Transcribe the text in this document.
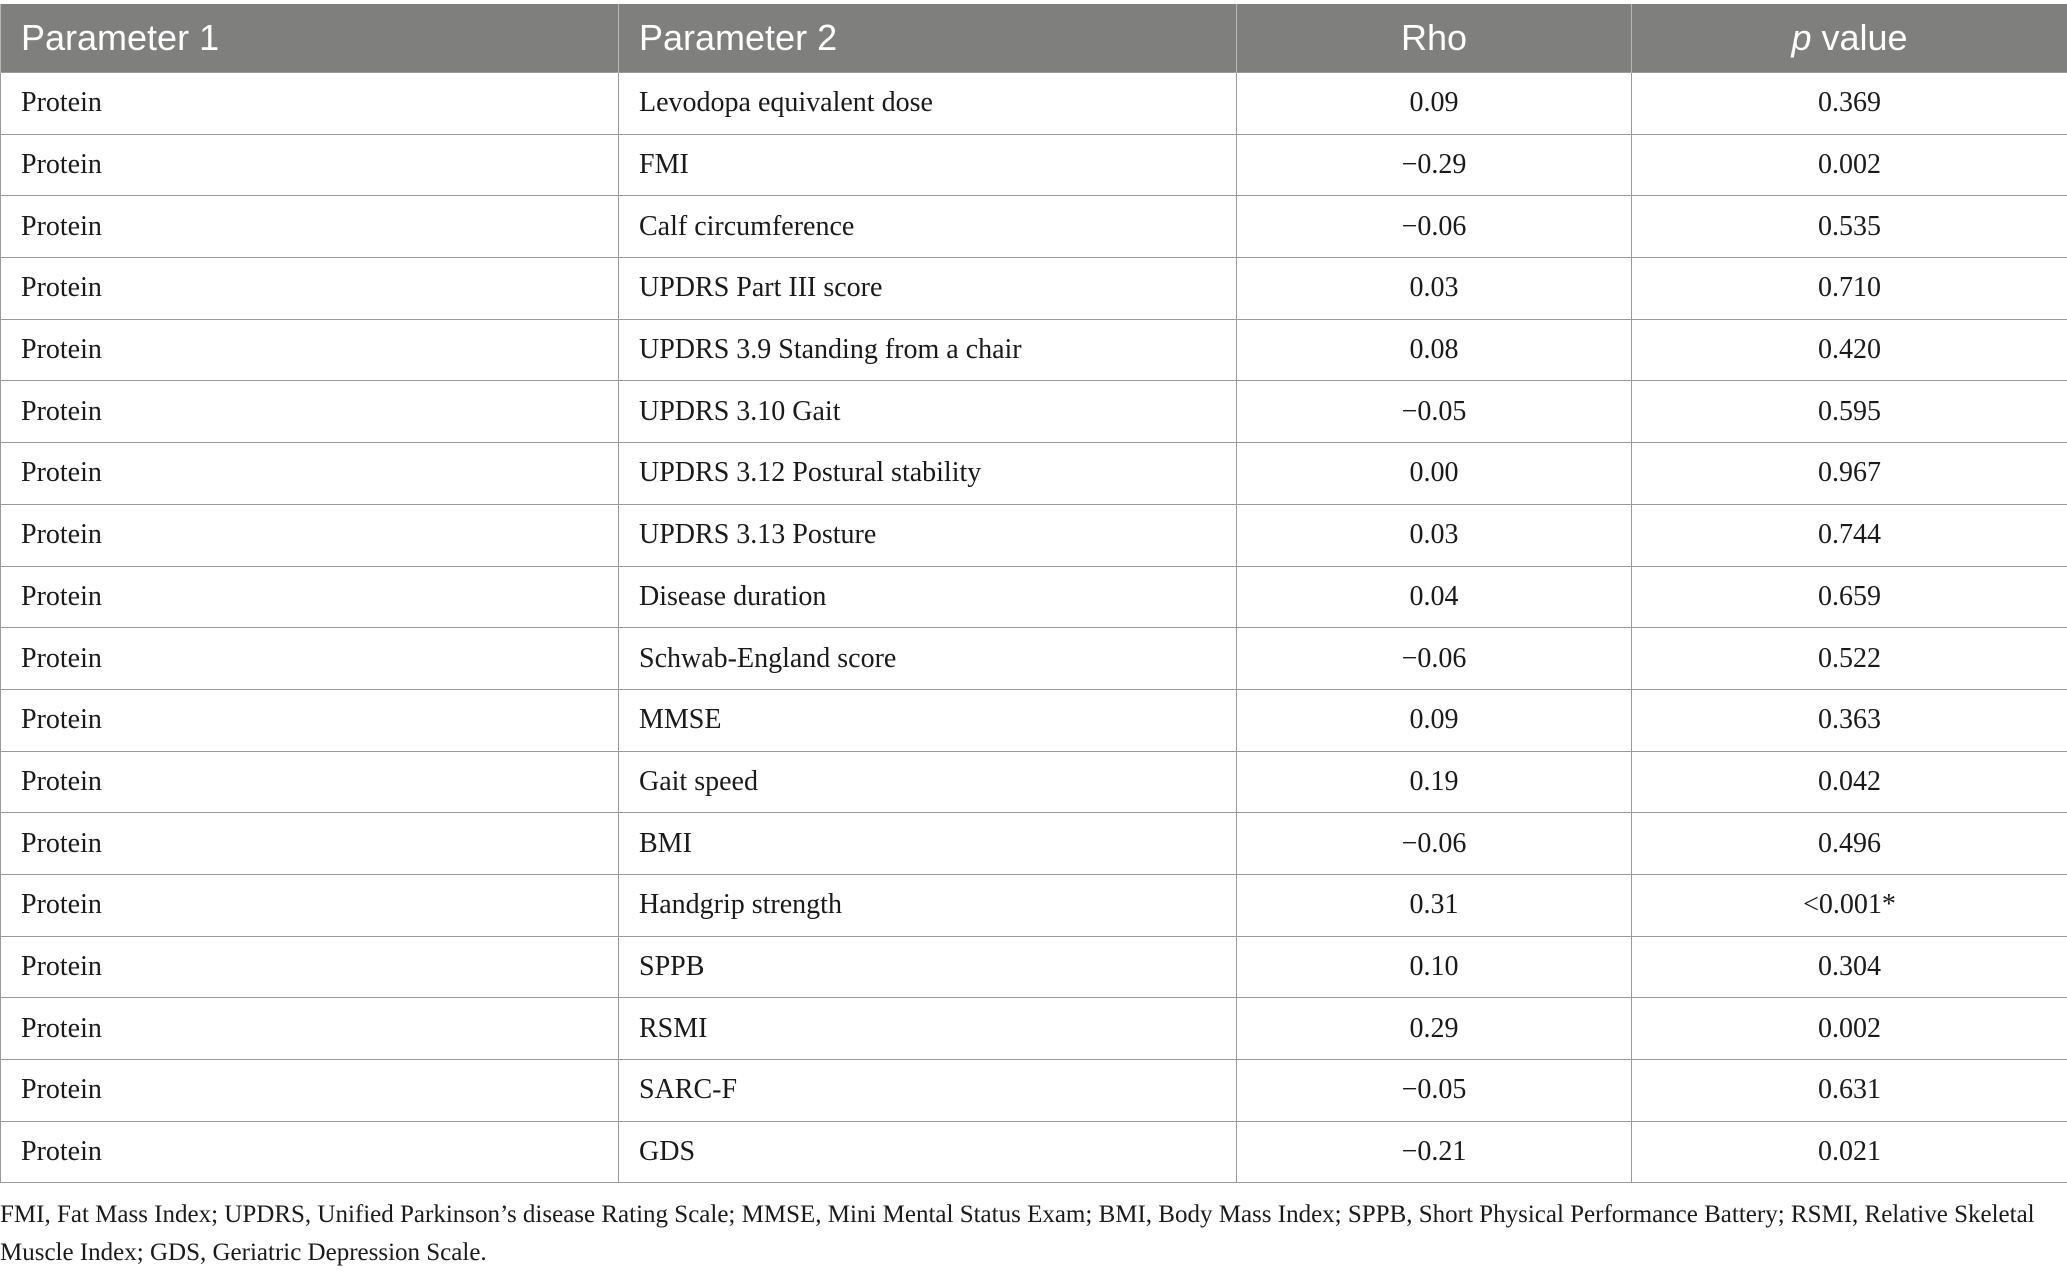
Parameter 1	Parameter 2	Rho	p value
Protein	Levodopa equivalent dose	0.09	0.369
Protein	FMI	−0.29	0.002
Protein	Calf circumference	−0.06	0.535
Protein	UPDRS Part III score	0.03	0.710
Protein	UPDRS 3.9 Standing from a chair	0.08	0.420
Protein	UPDRS 3.10 Gait	−0.05	0.595
Protein	UPDRS 3.12 Postural stability	0.00	0.967
Protein	UPDRS 3.13 Posture	0.03	0.744
Protein	Disease duration	0.04	0.659
Protein	Schwab-England score	−0.06	0.522
Protein	MMSE	0.09	0.363
Protein	Gait speed	0.19	0.042
Protein	BMI	−0.06	0.496
Protein	Handgrip strength	0.31	<0.001*
Protein	SPPB	0.10	0.304
Protein	RSMI	0.29	0.002
Protein	SARC-F	−0.05	0.631
Protein	GDS	−0.21	0.021
FMI, Fat Mass Index; UPDRS, Unified Parkinson’s disease Rating Scale; MMSE, Mini Mental Status Exam; BMI, Body Mass Index; SPPB, Short Physical Performance Battery; RSMI, Relative Skeletal Muscle Index; GDS, Geriatric Depression Scale.
